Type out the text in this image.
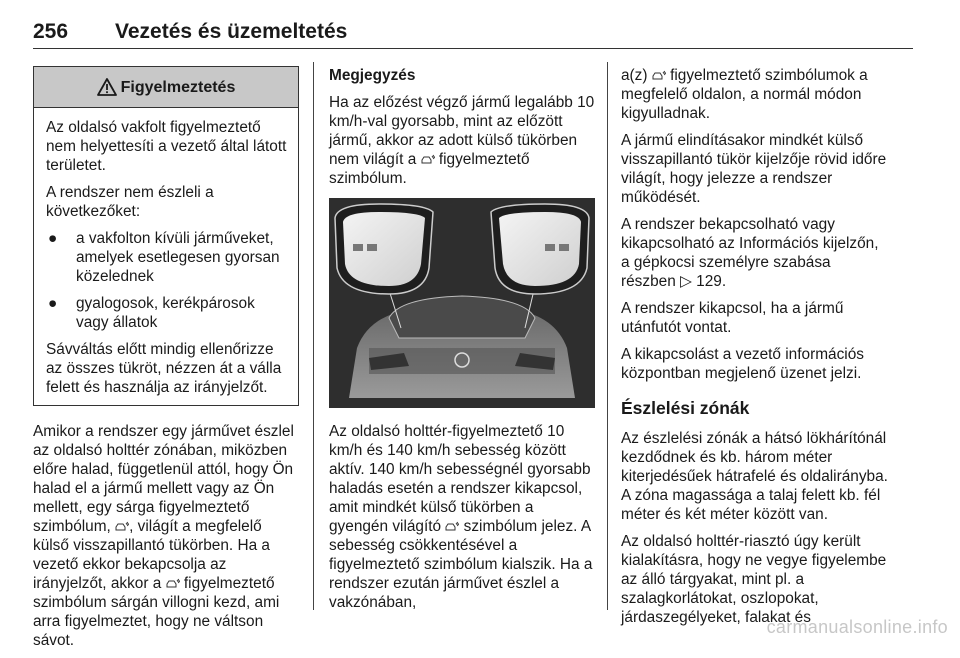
256 Vezetés és üzemeltetés
Figyelmeztetés

Az oldalsó vakfolt figyelmeztető nem helyettesíti a vezető által látott területet.

A rendszer nem észleli a következőket:

● a vakfolton kívüli járműveket, amelyek esetlegesen gyorsan közelednek
● gyalogosok, kerékpárosok vagy állatok

Sávváltás előtt mindig ellenőrizze az összes tükröt, nézzen át a válla felett és használja az irányjelzőt.

Amikor a rendszer egy járművet észlel az oldalsó holttér zónában, miközben előre halad, függetlenül attól, hogy Ön halad el a jármű mellett vagy az Ön mellett, egy sárga figyelmeztető szimbólum, , világít a megfelelő külső visszapillantó tükörben. Ha a vezető ekkor bekapcsolja az irányjelzőt, akkor a figyelmeztető szimbólum sárgán villogni kezd, ami arra figyelmeztet, hogy ne váltson sávot.

Megjegyzés

Ha az előzést végző jármű legalább 10 km/h-val gyorsabb, mint az előzött jármű, akkor az adott külső tükörben nem világít a figyelmeztető szimbólum.

Az oldalsó holttér-figyelmeztető 10 km/h és 140 km/h sebesség között aktív. 140 km/h sebességnél gyorsabb haladás esetén a rendszer kikapcsol, amit mindkét külső tükörben a gyengén világító szimbólum jelez. A sebesség csökkentésével a figyelmeztető szimbólum kialszik. Ha a rendszer ezután járművet észlel a vakzónában,

a(z) figyelmeztető szimbólumok a megfelelő oldalon, a normál módon kigyulladnak.

A jármű elindításakor mindkét külső visszapillantó tükör kijelzője rövid időre világít, hogy jelezze a rendszer működését.

A rendszer bekapcsolható vagy kikapcsolható az Információs kijelzőn, a gépkocsi személyre szabása részben ▷ 129.

A rendszer kikapcsol, ha a jármű utánfutót vontat.

A kikapcsolást a vezető információs központban megjelenő üzenet jelzi.

Észlelési zónák

Az észlelési zónák a hátsó lökhárítónál kezdődnek és kb. három méter kiterjedésűek hátrafelé és oldalirányba. A zóna magassága a talaj felett kb. fél méter és két méter között van.

Az oldalsó holttér-riasztó úgy került kialakításra, hogy ne vegye figyelembe az álló tárgyakat, mint pl. a szalagkorlátokat, oszlopokat, járdaszegélyeket, falakat és

carmanualsonline.info
